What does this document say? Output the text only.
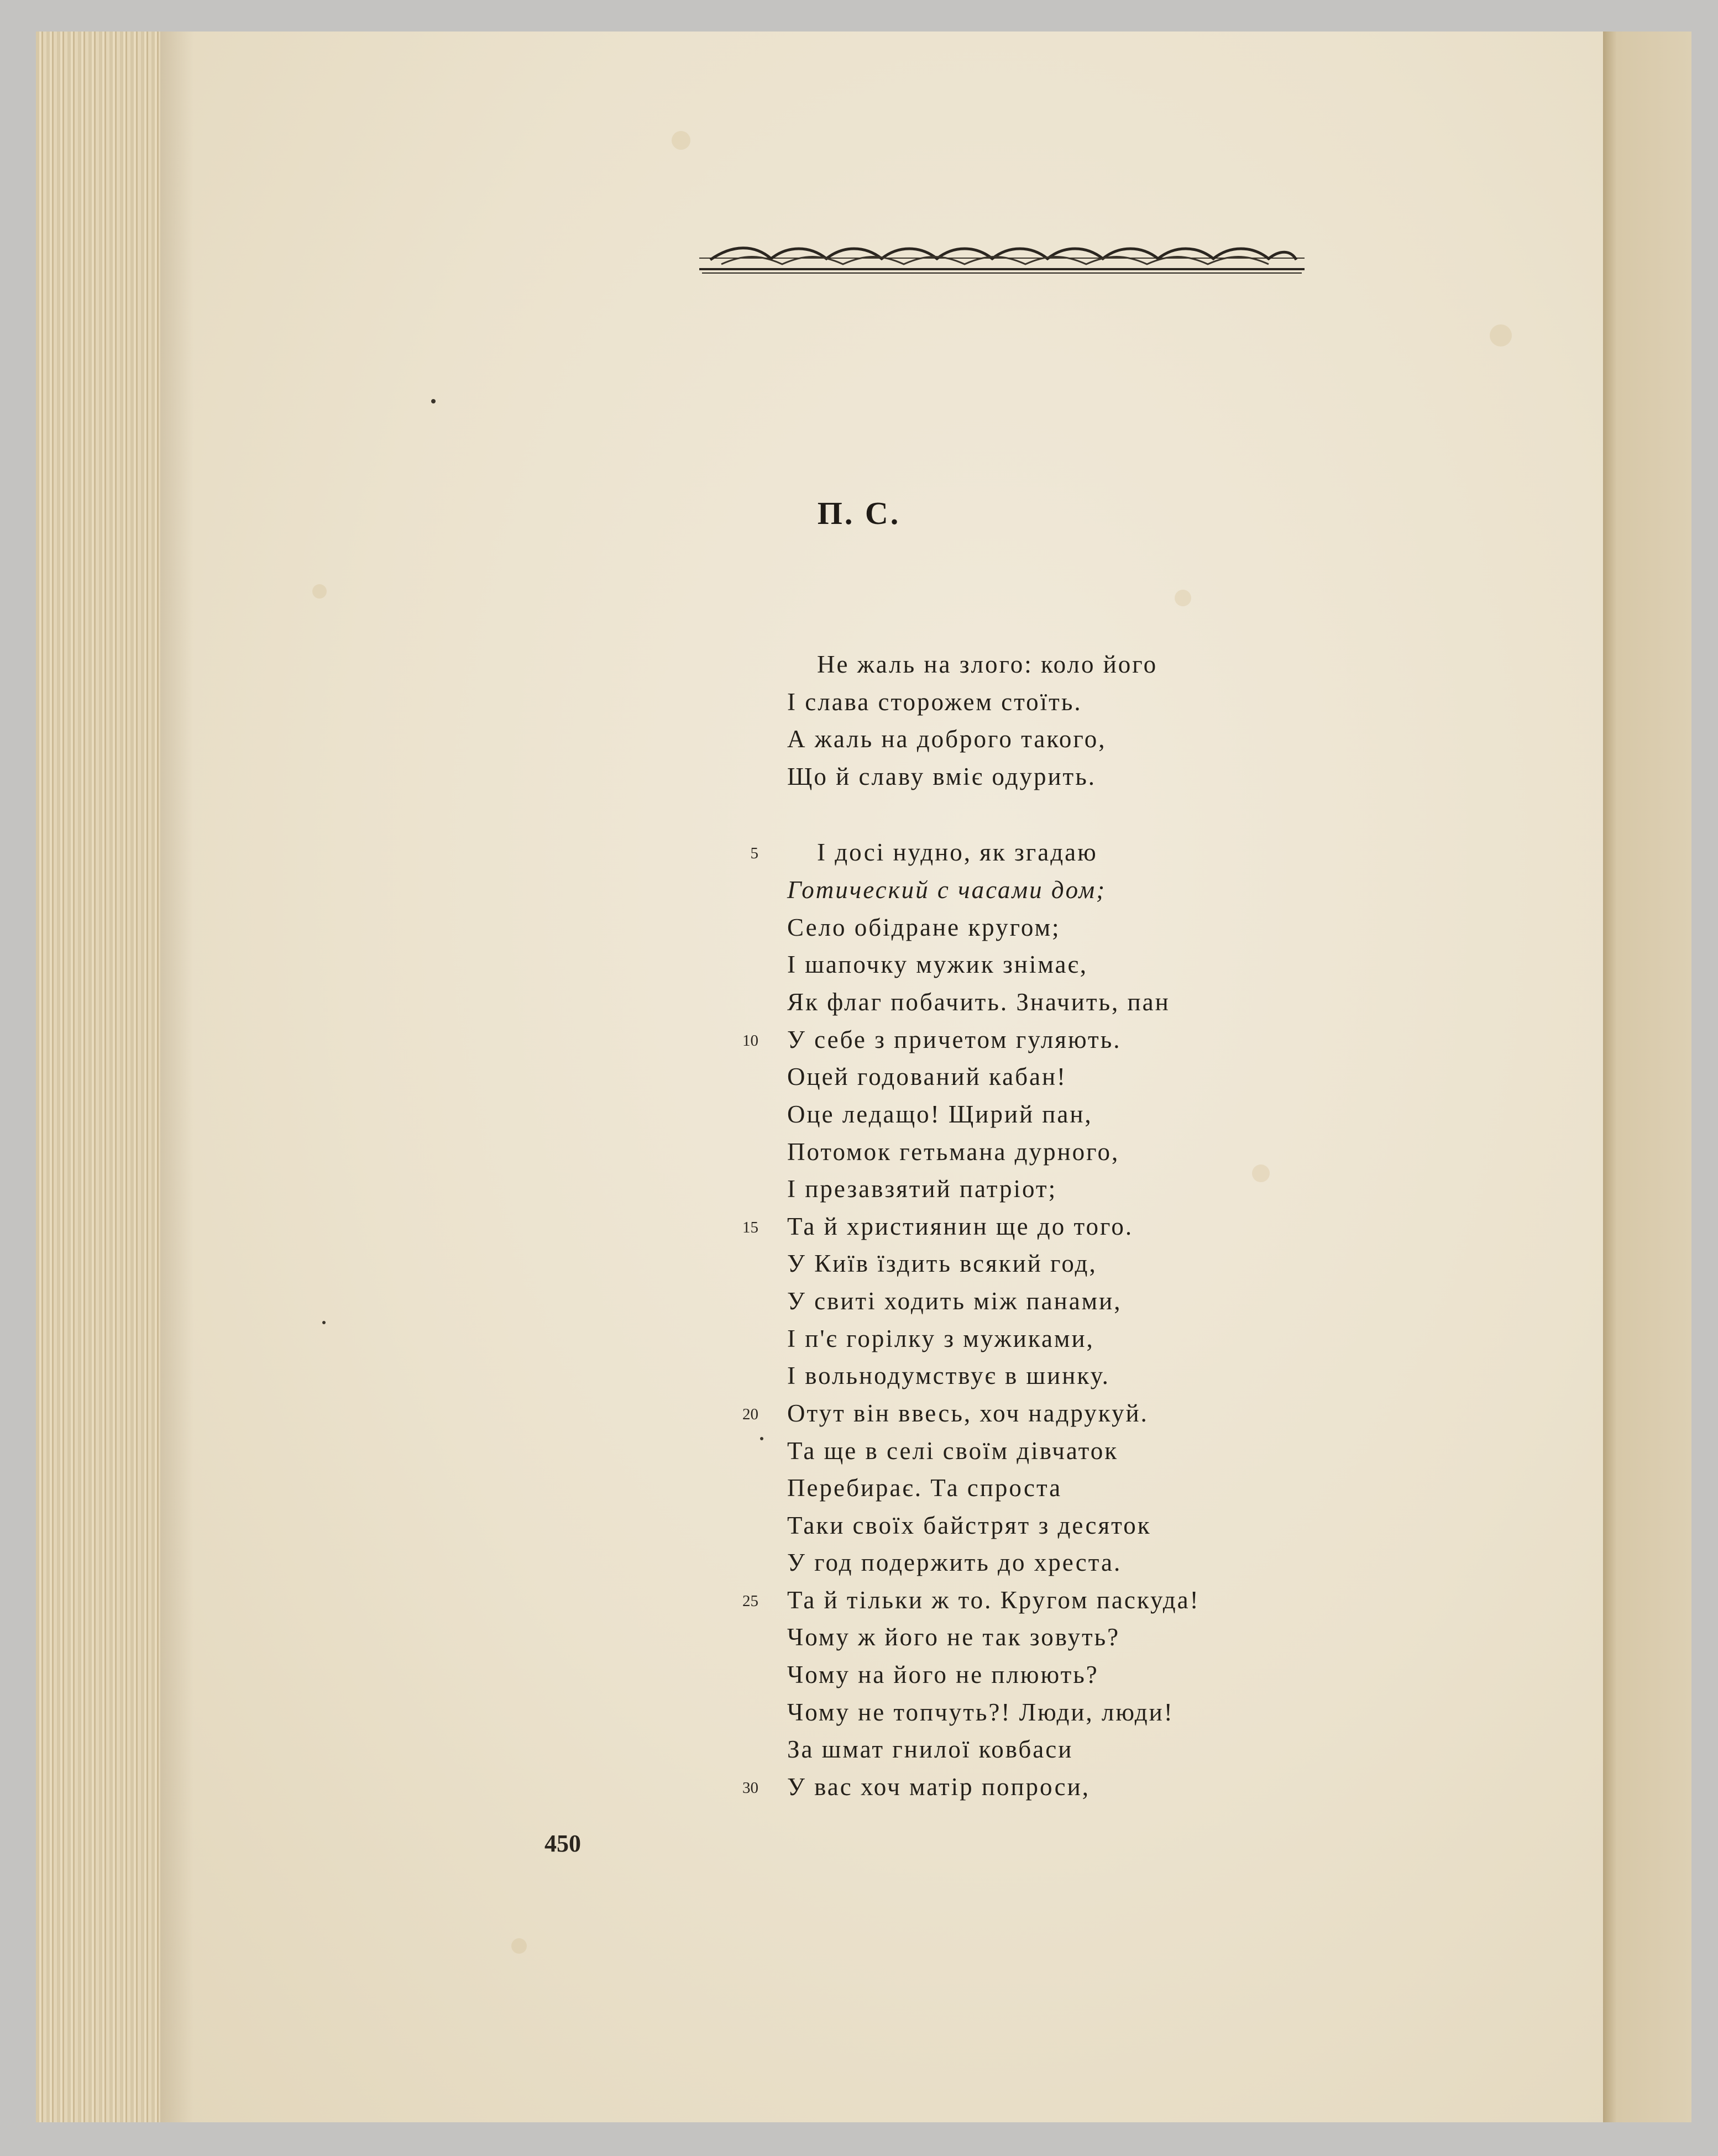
П. С.
Не жаль на злого: коло його
І слава сторожем стоїть.
А жаль на доброго такого,
Що й славу вміє одурить.
І досі нудно, як згадаю
5
Готический с часами дом;
Село обідране кругом;
І шапочку мужик знімає,
Як флаг побачить. Значить, пан
У себе з причетом гуляють.
10
Оцей годований кабан!
Оце ледащо! Щирий пан,
Потомок гетьмана дурного,
І презавзятий патріот;
Та й християнин ще до того.
15
У Київ їздить всякий год,
У свиті ходить між панами,
І п'є горілку з мужиками,
І вольнодумствує в шинку.
Отут він ввесь, хоч надрукуй.
20
Та ще в селі своїм дівчаток
Перебирає. Та спроста
Таки своїх байстрят з десяток
У год подержить до хреста.
Та й тільки ж то. Кругом паскуда!
25
Чому ж його не так зовуть?
Чому на його не плюють?
Чому не топчуть?! Люди, люди!
За шмат гнилої ковбаси
У вас хоч матір попроси,
30
450
